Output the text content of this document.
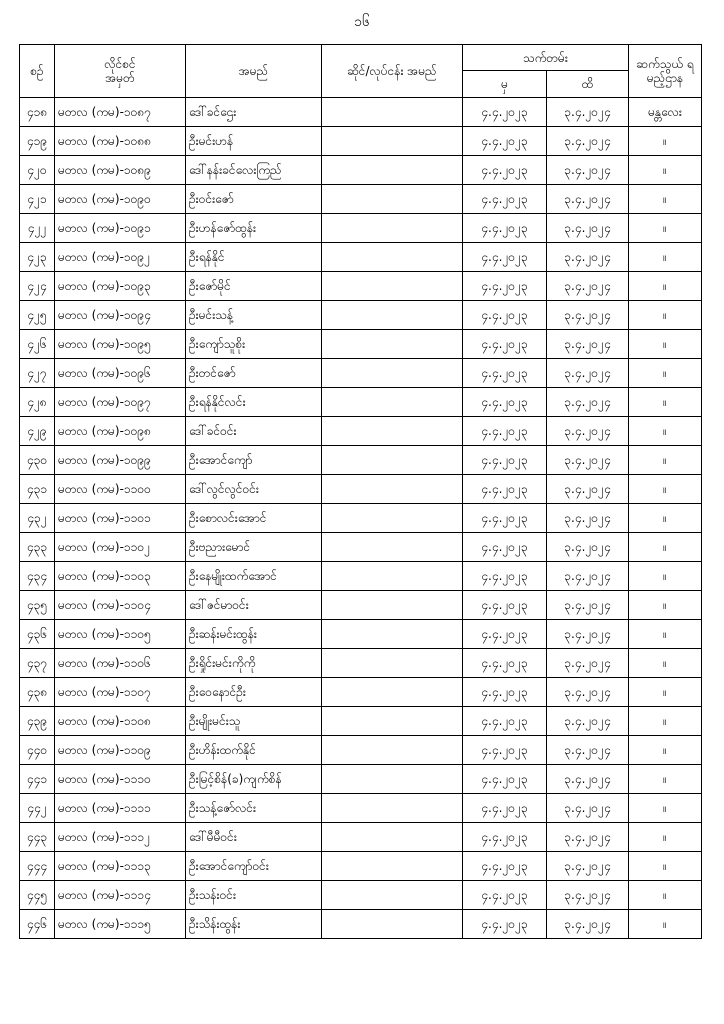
၁၆
စဉ်	လိုင်စင် အမှတ်	အမည်	ဆိုင်/လုပ်ငန်း အမည်	သက်တမ်း		ဆက်သွယ် ရမည့်ဌာန
				မှ	ထိ	
၄၁၈	မတလ (ကမ)-၁၀၈၇	ဒေါ်ခင်ဌေး		၄.၄.၂၀၂၃	၃.၄.၂၀၂၄	မန္တလေး
၄၁၉	မတလ (ကမ)-၁၀၈၈	ဦးမင်းဟန်		၄.၄.၂၀၂၃	၃.၄.၂၀၂၄	။
၄၂၀	မတလ (ကမ)-၁၀၈၉	ဒေါ်နန်းခင်လေးကြည်		၄.၄.၂၀၂၃	၃.၄.၂၀၂၄	။
၄၂၁	မတလ (ကမ)-၁၀၉၀	ဦးဝင်းဇော်		၄.၄.၂၀၂၃	၃.၄.၂၀၂၄	။
၄၂၂	မတလ (ကမ)-၁၀၉၁	ဦးဟန်ဇော်ထွန်း		၄.၄.၂၀၂၃	၃.၄.၂၀၂၄	။
၄၂၃	မတလ (ကမ)-၁၀၉၂	ဦးရန်နိုင်		၄.၄.၂၀၂၃	၃.၄.၂၀၂၄	။
၄၂၄	မတလ (ကမ)-၁၀၉၃	ဦးဇော်မိုင်		၄.၄.၂၀၂၃	၃.၄.၂၀၂၄	။
၄၂၅	မတလ (ကမ)-၁၀၉၄	ဦးမင်းသန့်		၄.၄.၂၀၂၃	၃.၄.၂၀၂၄	။
၄၂၆	မတလ (ကမ)-၁၀၉၅	ဦးကျော်သူစိုး		၄.၄.၂၀၂၃	၃.၄.၂၀၂၄	။
၄၂၇	မတလ (ကမ)-၁၀၉၆	ဦးတင်ဇော်		၄.၄.၂၀၂၃	၃.၄.၂၀၂၄	။
၄၂၈	မတလ (ကမ)-၁၀၉၇	ဦးရန်နိုင်လင်း		၄.၄.၂၀၂၃	၃.၄.၂၀၂၄	။
၄၂၉	မတလ (ကမ)-၁၀၉၈	ဒေါ်ခင်ဝင်း		၄.၄.၂၀၂၃	၃.၄.၂၀၂၄	။
၄၃၀	မတလ (ကမ)-၁၀၉၉	ဦးအောင်ကျော်		၄.၄.၂၀၂၃	၃.၄.၂၀၂၄	။
၄၃၁	မတလ (ကမ)-၁၁၀၀	ဒေါ်လွင်လွင်ဝင်း		၄.၄.၂၀၂၃	၃.၄.၂၀၂၄	။
၄၃၂	မတလ (ကမ)-၁၁၀၁	ဦးစောလင်းအောင်		၄.၄.၂၀၂၃	၃.၄.၂၀၂၄	။
၄၃၃	မတလ (ကမ)-၁၁၀၂	ဦးဗညားမောင်		၄.၄.၂၀၂၃	၃.၄.၂၀၂၄	။
၄၃၄	မတလ (ကမ)-၁၁၀၃	ဦးနေမျိုးထက်အောင်		၄.၄.၂၀၂၃	၃.၄.၂၀၂၄	။
၄၃၅	မတလ (ကမ)-၁၁၀၄	ဒေါ်ဇင်မာဝင်း		၄.၄.၂၀၂၃	၃.၄.၂၀၂၄	။
၄၃၆	မတလ (ကမ)-၁၁၀၅	ဦးဆန်းမင်းထွန်း		၄.၄.၂၀၂၃	၃.၄.၂၀၂၄	။
၄၃၇	မတလ (ကမ)-၁၁၀၆	ဦးရှိုင်းမင်းကိုကို		၄.၄.၂၀၂၃	၃.၄.၂၀၂၄	။
၄၃၈	မတလ (ကမ)-၁၁၀၇	ဦးဝေနောင်ဦး		၄.၄.၂၀၂၃	၃.၄.၂၀၂၄	။
၄၃၉	မတလ (ကမ)-၁၁၀၈	ဦးမျိုးမင်းသူ		၄.၄.၂၀၂၃	၃.၄.၂၀၂၄	။
၄၄၀	မတလ (ကမ)-၁၁၀၉	ဦးဟိန်းထက်နိုင်		၄.၄.၂၀၂၃	၃.၄.၂၀၂၄	။
၄၄၁	မတလ (ကမ)-၁၁၁၀	ဦးမြင့်စိန်(ခ)ကျက်စိန်		၄.၄.၂၀၂၃	၃.၄.၂၀၂၄	။
၄၄၂	မတလ (ကမ)-၁၁၁၁	ဦးသန့်ဇော်လင်း		၄.၄.၂၀၂၃	၃.၄.၂၀၂၄	။
၄၄၃	မတလ (ကမ)-၁၁၁၂	ဒေါ်မီမီဝင်း		၄.၄.၂၀၂၃	၃.၄.၂၀၂၄	။
၄၄၄	မတလ (ကမ)-၁၁၁၃	ဦးအောင်ကျော်ဝင်း		၄.၄.၂၀၂၃	၃.၄.၂၀၂၄	။
၄၄၅	မတလ (ကမ)-၁၁၁၄	ဦးသန်းဝင်း		၄.၄.၂၀၂၃	၃.၄.၂၀၂၄	။
၄၄၆	မတလ (ကမ)-၁၁၁၅	ဦးသိန်းထွန်း		၄.၄.၂၀၂၃	၃.၄.၂၀၂၄	။
